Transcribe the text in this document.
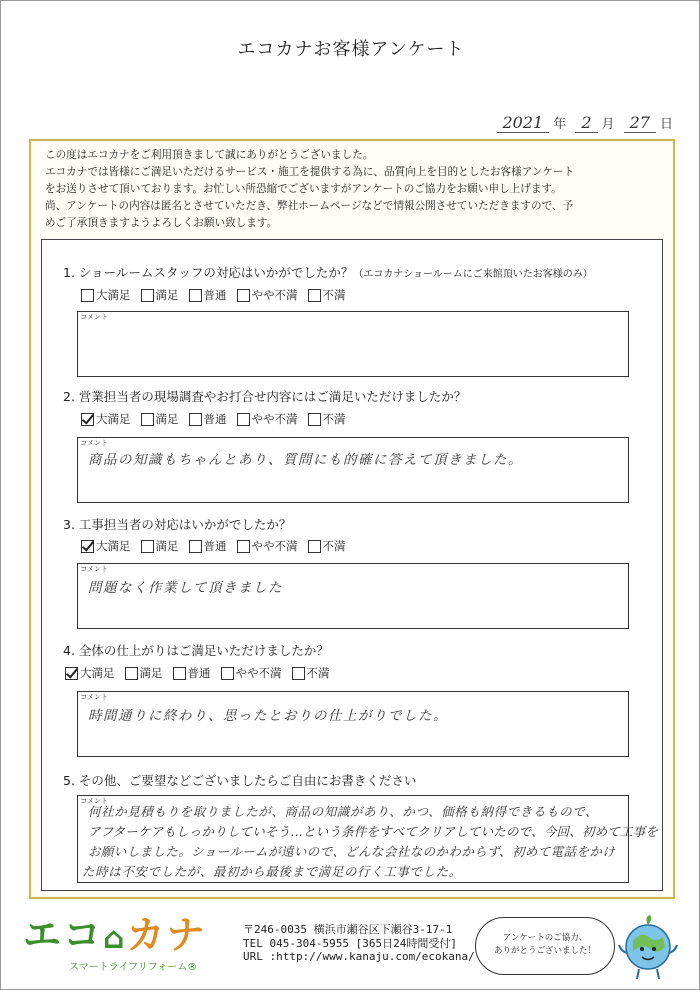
エコカナお客様アンケート
2021 年 2 月 27 日
この度はエコカナをご利用頂きまして誠にありがとうございました。
エコカナでは皆様にご満足いただけるサービス・施工を提供する為に、品質向上を目的としたお客様アンケート
をお送りさせて頂いております。お忙しい所恐縮でございますがアンケートのご協力をお願い申し上げます。
尚、アンケートの内容は匿名とさせていただき、弊社ホームページなどで情報公開させていただきますので、予
めご了承頂きますようよろしくお願い致します。
1. ショールームスタッフの対応はいかがでしたか？（エコカナショールームにご来館頂いたお客様のみ）
大満足 満足 普通 やや不満 不満
コメント
2. 営業担当者の現場調査やお打合せ内容にはご満足いただけましたか？
大満足 満足 普通 やや不満 不満
コメント
商品の知識もちゃんとあり、質問にも的確に答えて頂きました。
3. 工事担当者の対応はいかがでしたか？
大満足 満足 普通 やや不満 不満
コメント
問題なく作業して頂きました
4. 全体の仕上がりはご満足いただけましたか？
大満足 満足 普通 やや不満 不満
コメント
時間通りに終わり、思ったとおりの仕上がりでした。
5. その他、ご要望などございましたらご自由にお書きください
コメント
何社か見積もりを取りましたが、商品の知識があり、かつ、価格も納得できるもので、
アフターケアもしっかりしていそう…という条件をすべてクリアしていたので、今回、初めて工事を
お願いしました。ショールームが遠いので、どんな会社なのかわからず、初めて電話をかけ
た時は不安でしたが、最初から最後まで満足の行く工事でした。
エコ⌂カナ
スマートライフリフォーム®
〒246-0035 横浜市瀬谷区下瀬谷3-17-1
TEL 045-304-5955 [365日24時間受付]
URL :http://www.kanaju.com/ecokana/
アンケートのご協力、
ありがとうございました！
